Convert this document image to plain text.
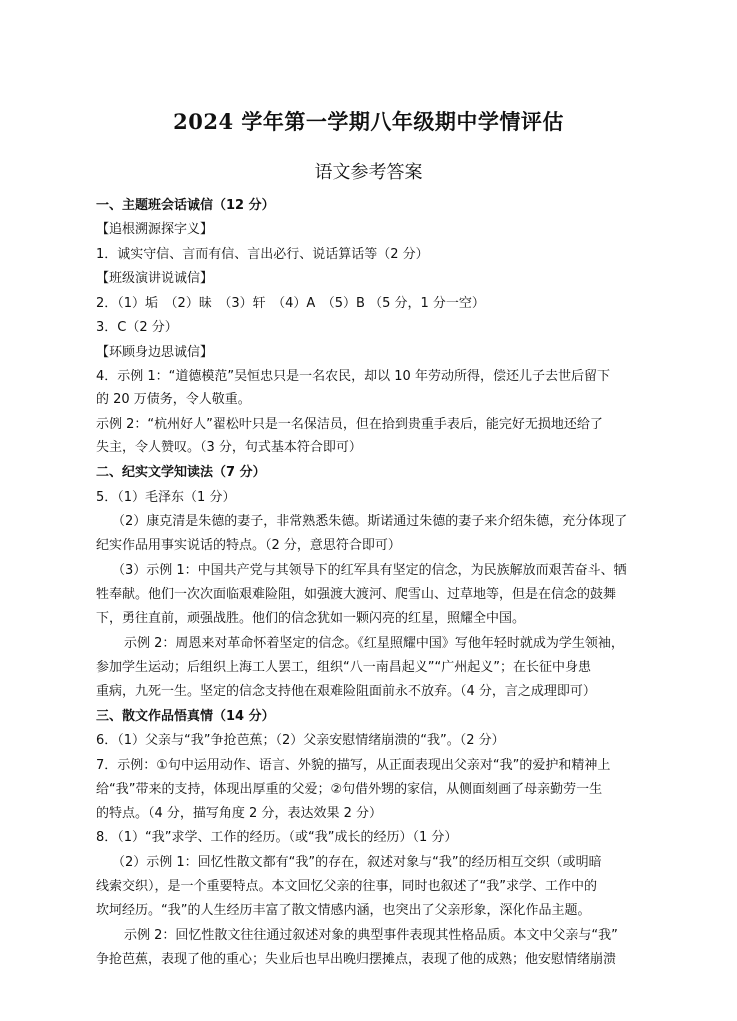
2024 学年第一学期八年级期中学情评估
语文参考答案
一、主题班会话诚信（12 分）
【追根溯源探字义】
1．诚实守信、言而有信、言出必行、说话算话等（2 分）
【班级演讲说诚信】
2．（1）垢　（2）昧　（3）轩　（4）A　（5）B （5 分，1 分一空）
3．C（2 分）
【环顾身边思诚信】
4．示例 1：“道德模范”吴恒忠只是一名农民，却以 10 年劳动所得，偿还儿子去世后留下
的 20 万债务，令人敬重。
示例 2：“杭州好人”翟松叶只是一名保洁员，但在拾到贵重手表后，能完好无损地还给了
失主，令人赞叹。（3 分，句式基本符合即可）
二、纪实文学知读法（7 分）
5．（1）毛泽东（1 分）
（2）康克清是朱德的妻子，非常熟悉朱德。斯诺通过朱德的妻子来介绍朱德，充分体现了
纪实作品用事实说话的特点。（2 分，意思符合即可）
（3）示例 1：中国共产党与其领导下的红军具有坚定的信念，为民族解放而艰苦奋斗、牺
牲奉献。他们一次次面临艰难险阻，如强渡大渡河、爬雪山、过草地等，但是在信念的鼓舞
下，勇往直前，顽强战胜。他们的信念犹如一颗闪亮的红星，照耀全中国。
示例 2：周恩来对革命怀着坚定的信念。《红星照耀中国》写他年轻时就成为学生领袖，
参加学生运动；后组织上海工人罢工，组织“八一南昌起义”“广州起义”；在长征中身患
重病，九死一生。坚定的信念支持他在艰难险阻面前永不放弃。（4 分，言之成理即可）
三、散文作品悟真情（14 分）
6．（1）父亲与“我”争抢芭蕉；（2）父亲安慰情绪崩溃的“我”。（2 分）
7．示例：①句中运用动作、语言、外貌的描写，从正面表现出父亲对“我”的爱护和精神上
给“我”带来的支持，体现出厚重的父爱；②句借外甥的家信，从侧面刻画了母亲勤劳一生
的特点。（4 分，描写角度 2 分，表达效果 2 分）
8．（1）“我”求学、工作的经历。（或“我”成长的经历）（1 分）
（2）示例 1：回忆性散文都有“我”的存在，叙述对象与“我”的经历相互交织（或明暗
线索交织），是一个重要特点。本文回忆父亲的往事，同时也叙述了“我”求学、工作中的
坎坷经历。“我”的人生经历丰富了散文情感内涵，也突出了父亲形象，深化作品主题。
示例 2：回忆性散文往往通过叙述对象的典型事件表现其性格品质。本文中父亲与“我”
争抢芭蕉，表现了他的重心；失业后也早出晚归摆摊点，表现了他的成熟；他安慰情绪崩溃
